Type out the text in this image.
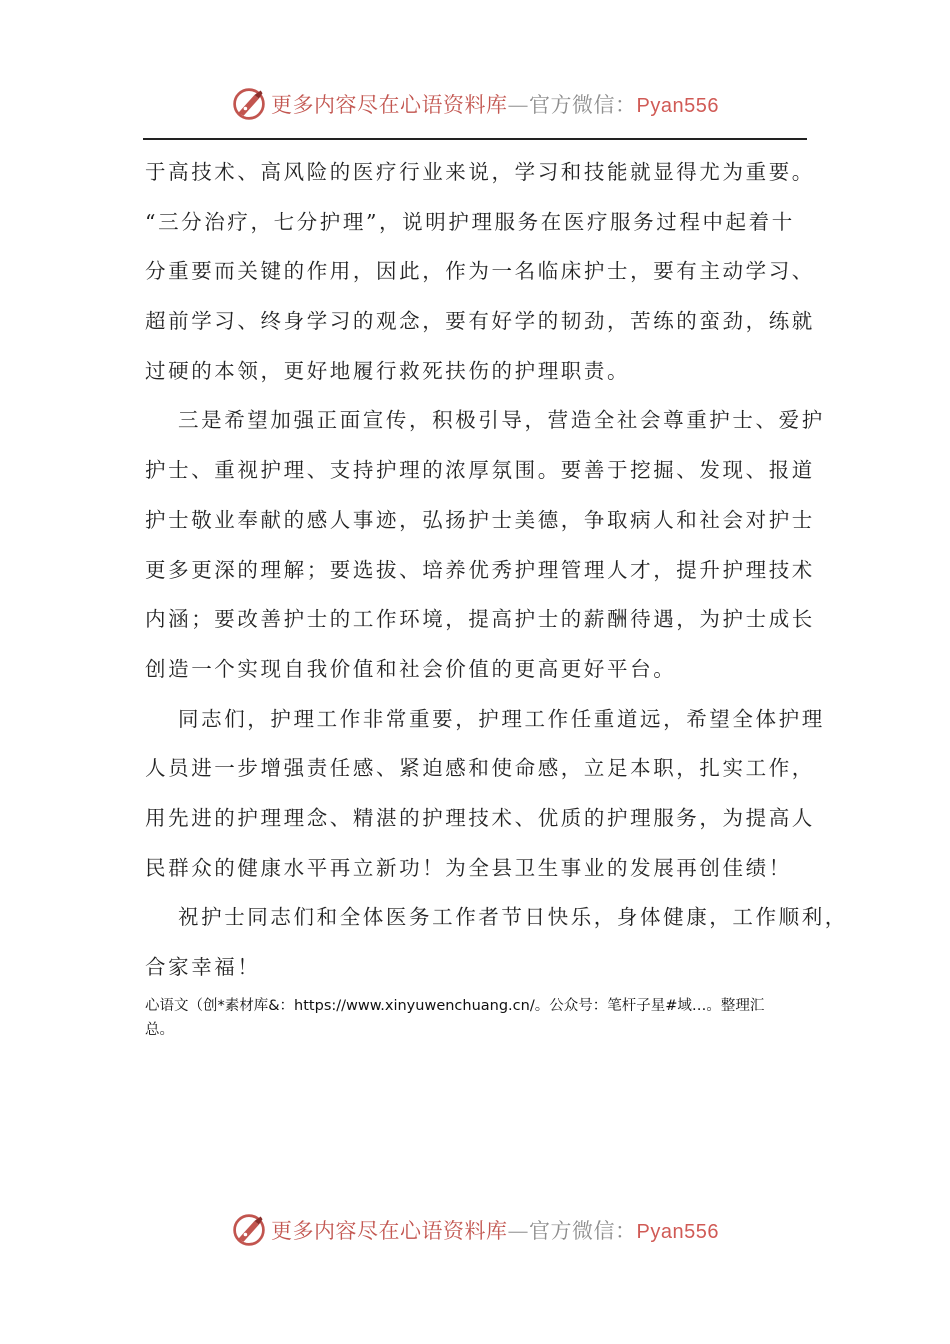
更多内容尽在心语资料库—官方微信：Pyan556
于高技术、高风险的医疗行业来说，学习和技能就显得尤为重要。
“三分治疗，七分护理”，说明护理服务在医疗服务过程中起着十
分重要而关键的作用，因此，作为一名临床护士，要有主动学习、
超前学习、终身学习的观念，要有好学的韧劲，苦练的蛮劲，练就
过硬的本领，更好地履行救死扶伤的护理职责。
三是希望加强正面宣传，积极引导，营造全社会尊重护士、爱护
护士、重视护理、支持护理的浓厚氛围。要善于挖掘、发现、报道
护士敬业奉献的感人事迹，弘扬护士美德，争取病人和社会对护士
更多更深的理解；要选拔、培养优秀护理管理人才，提升护理技术
内涵；要改善护士的工作环境，提高护士的薪酬待遇，为护士成长
创造一个实现自我价值和社会价值的更高更好平台。
同志们，护理工作非常重要，护理工作任重道远，希望全体护理
人员进一步增强责任感、紧迫感和使命感，立足本职，扎实工作，
用先进的护理理念、精湛的护理技术、优质的护理服务，为提高人
民群众的健康水平再立新功！为全县卫生事业的发展再创佳绩！
祝护士同志们和全体医务工作者节日快乐，身体健康，工作顺利，
合家幸福！
心语文（创*素材库&：https://www.xinyuwenchuang.cn/。公众号：笔杆子星#域…。整理汇
总。
更多内容尽在心语资料库—官方微信：Pyan556
